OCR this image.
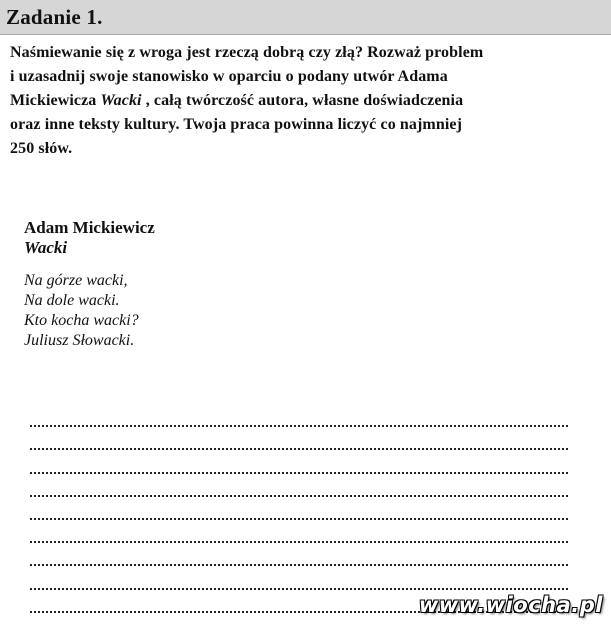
Zadanie 1.
Naśmiewanie się z wroga jest rzeczą dobrą czy złą? Rozważ problem
i uzasadnij swoje stanowisko w oparciu o podany utwór Adama
Mickiewicza Wacki , całą twórczość autora, własne doświadczenia
oraz inne teksty kultury. Twoja praca powinna liczyć co najmniej
250 słów.
Adam Mickiewicz
Wacki
Na górze wacki,
Na dole wacki.
Kto kocha wacki?
Juliusz Słowacki.
www.wiocha.pl
